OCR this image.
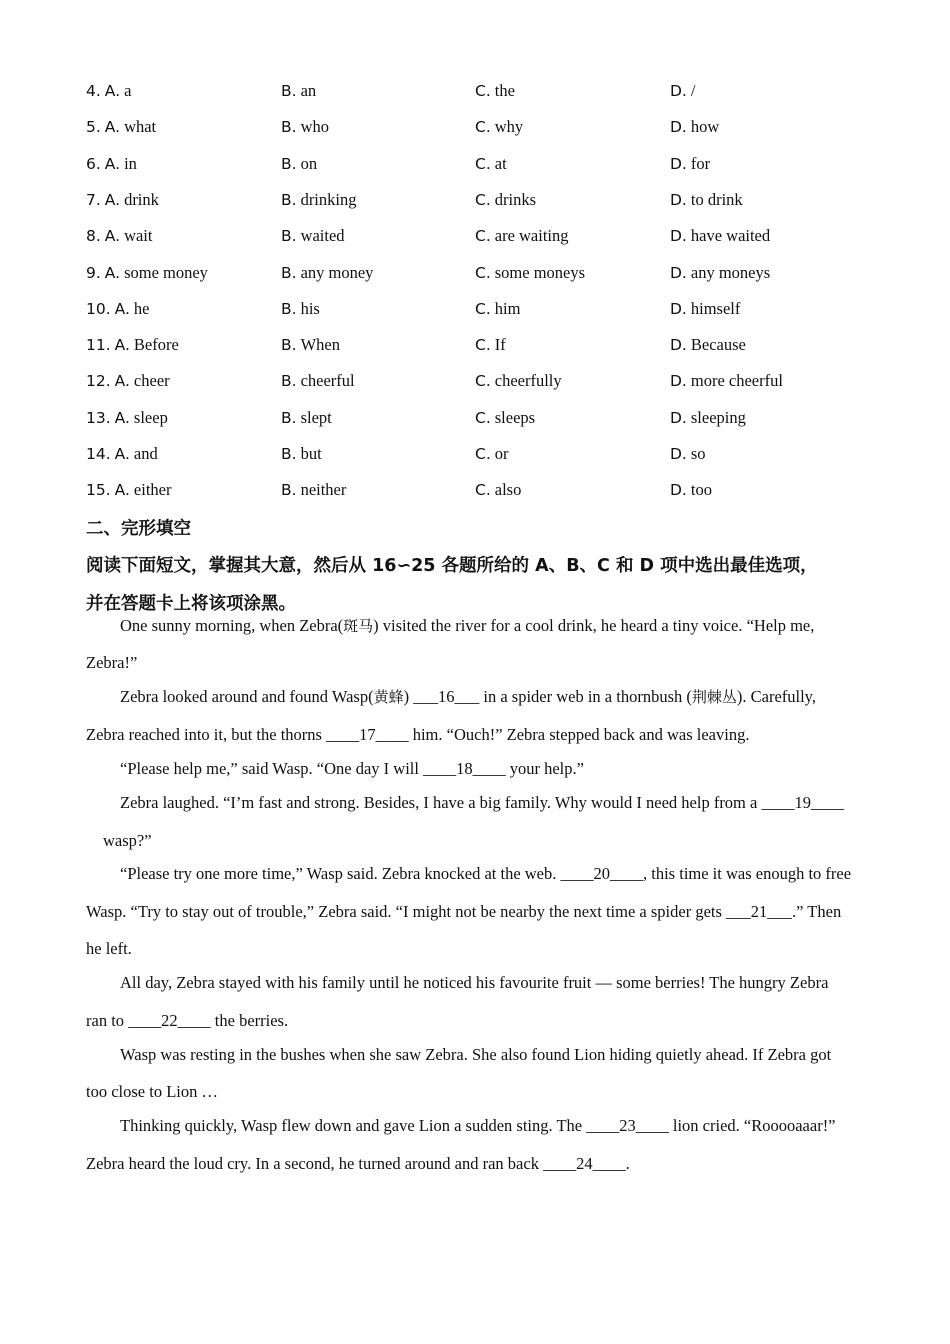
4. A. a	B. an	C. the	D. /
5. A. what	B. who	C. why	D. how
6. A. in	B. on	C. at	D. for
7. A. drink	B. drinking	C. drinks	D. to drink
8. A. wait	B. waited	C. are waiting	D. have waited
9. A. some money	B. any money	C. some moneys	D. any moneys
10. A. he	B. his	C. him	D. himself
11. A. Before	B. When	C. If	D. Because
12. A. cheer	B. cheerful	C. cheerfully	D. more cheerful
13. A. sleep	B. slept	C. sleeps	D. sleeping
14. A. and	B. but	C. or	D. so
15. A. either	B. neither	C. also	D. too
二、完形填空
阅读下面短文，掌握其大意，然后从 16∽25 各题所给的 A、B、C 和 D 项中选出最佳选项，
并在答题卡上将该项涂黑。
One sunny morning, when Zebra(斑马) visited the river for a cool drink, he heard a tiny voice. “Help me,
Zebra!”
Zebra looked around and found Wasp(黄蜂) ___16___ in a spider web in a thornbush (荆棘丛). Carefully,
Zebra reached into it, but the thorns ____17____ him. “Ouch!” Zebra stepped back and was leaving.
“Please help me,” said Wasp. “One day I will ____18____ your help.”
Zebra laughed. “I’m fast and strong. Besides, I have a big family. Why would I need help from a ____19____
wasp?”
“Please try one more time,” Wasp said. Zebra knocked at the web. ____20____, this time it was enough to free
Wasp. “Try to stay out of trouble,” Zebra said. “I might not be nearby the next time a spider gets ___21___.” Then
he left.
All day, Zebra stayed with his family until he noticed his favourite fruit — some berries! The hungry Zebra
ran to ____22____ the berries.
Wasp was resting in the bushes when she saw Zebra. She also found Lion hiding quietly ahead. If Zebra got
too close to Lion …
Thinking quickly, Wasp flew down and gave Lion a sudden sting. The ____23____ lion cried. “Rooooaaar!”
Zebra heard the loud cry. In a second, he turned around and ran back ____24____.
